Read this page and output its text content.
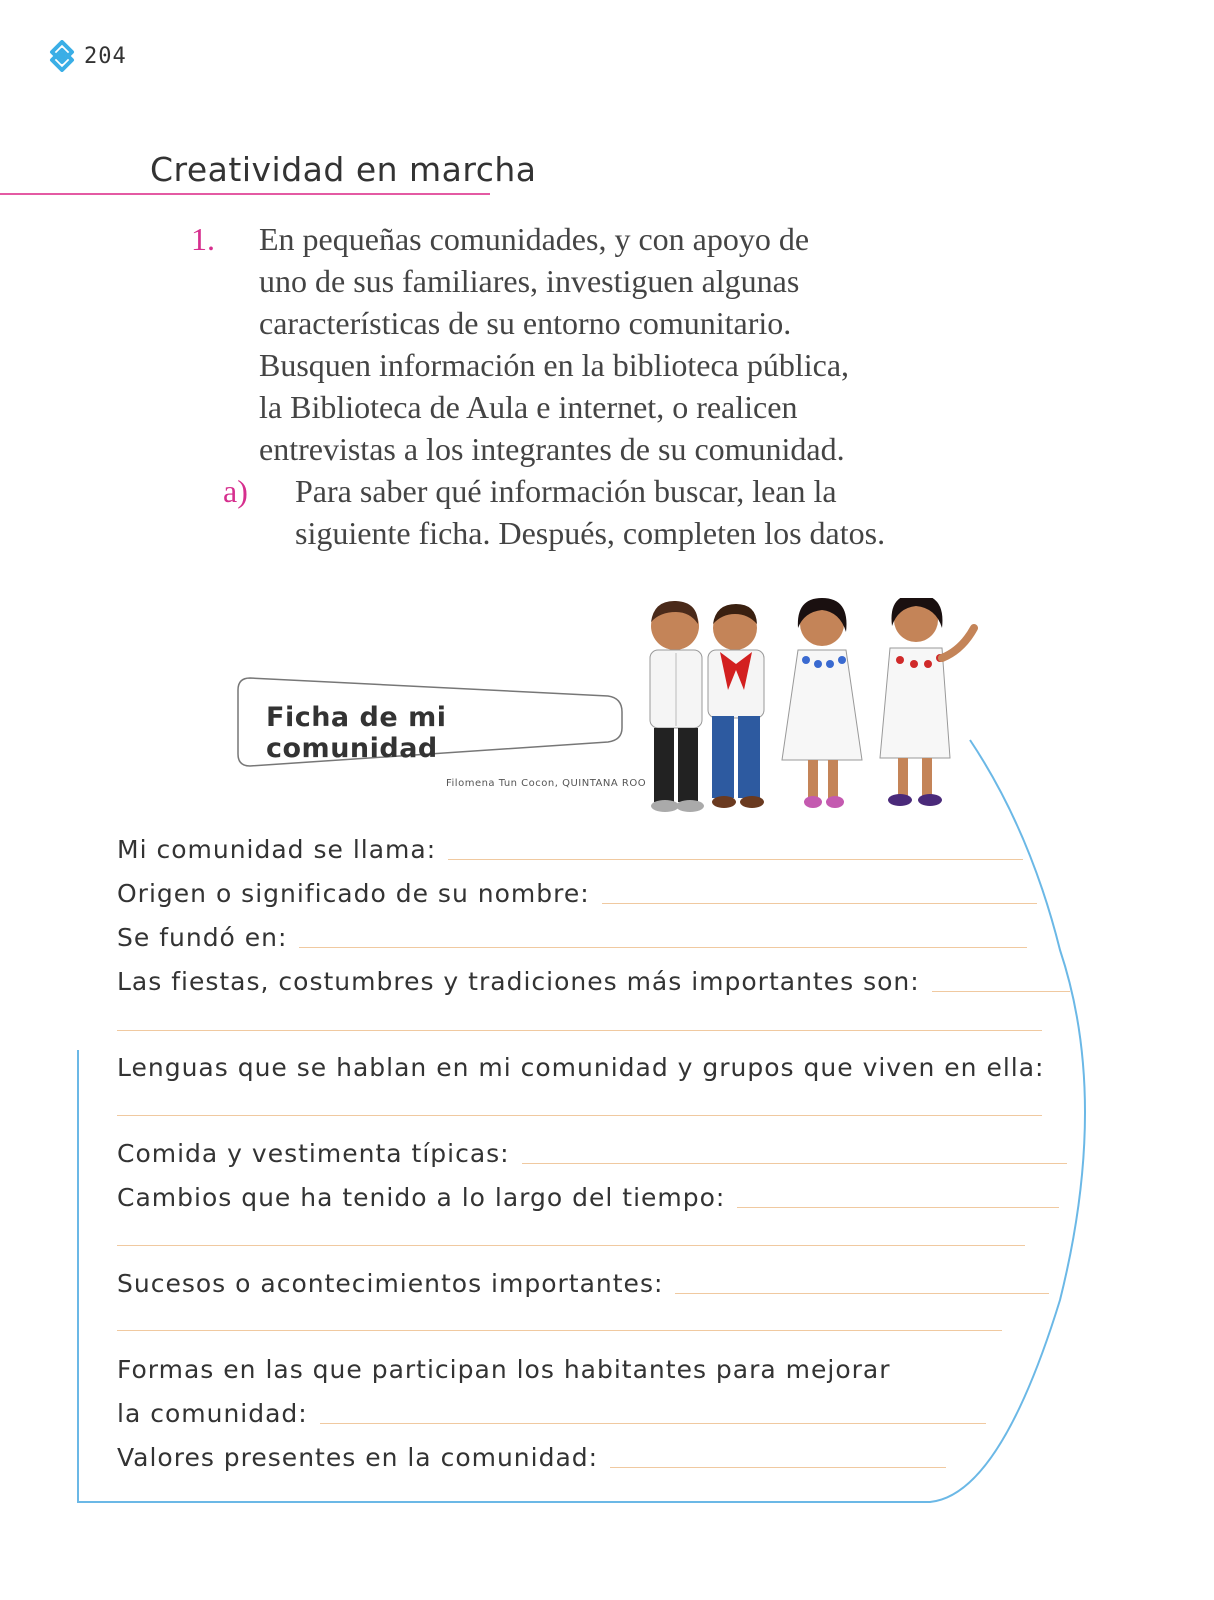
204
Creatividad en marcha

1. En pequeñas comunidades, y con apoyo de
uno de sus familiares, investiguen algunas
características de su entorno comunitario.
Busquen información en la biblioteca pública,
la Biblioteca de Aula e internet, o realicen
entrevistas a los integrantes de su comunidad.

a) Para saber qué información buscar, lean la
siguiente ficha. Después, completen los datos.

Ficha de mi comunidad
Filomena Tun Cocon, QUINTANA ROO
Mi comunidad se llama:
Origen o significado de su nombre:
Se fundó en:
Las fiestas, costumbres y tradiciones más importantes son:
Lenguas que se hablan en mi comunidad y grupos que viven en ella:
Comida y vestimenta típicas:
Cambios que ha tenido a lo largo del tiempo:
Sucesos o acontecimientos importantes:
Formas en las que participan los habitantes para mejorar
la comunidad:
Valores presentes en la comunidad:
